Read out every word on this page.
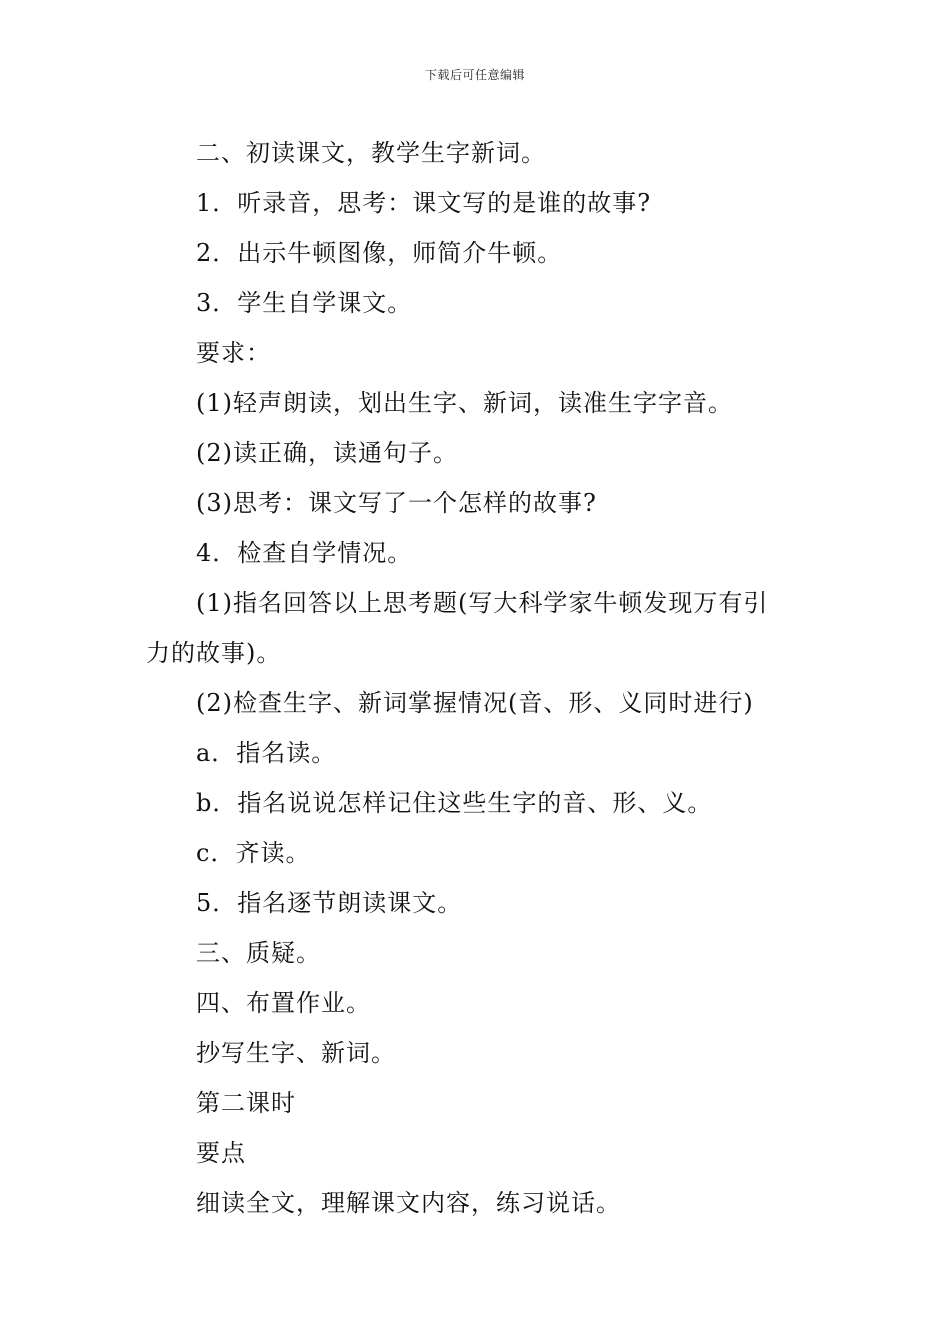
下载后可任意编辑
二、初读课文，教学生字新词。
1．听录音，思考：课文写的是谁的故事?
2．出示牛顿图像，师简介牛顿。
3．学生自学课文。
要求：
(1)轻声朗读，划出生字、新词，读准生字字音。
(2)读正确，读通句子。
(3)思考：课文写了一个怎样的故事?
4．检查自学情况。
(1)指名回答以上思考题(写大科学家牛顿发现万有引
力的故事)。
(2)检查生字、新词掌握情况(音、形、义同时进行)
a．指名读。
b．指名说说怎样记住这些生字的音、形、义。
c．齐读。
5．指名逐节朗读课文。
三、质疑。
四、布置作业。
抄写生字、新词。
第二课时
要点
细读全文，理解课文内容，练习说话。
